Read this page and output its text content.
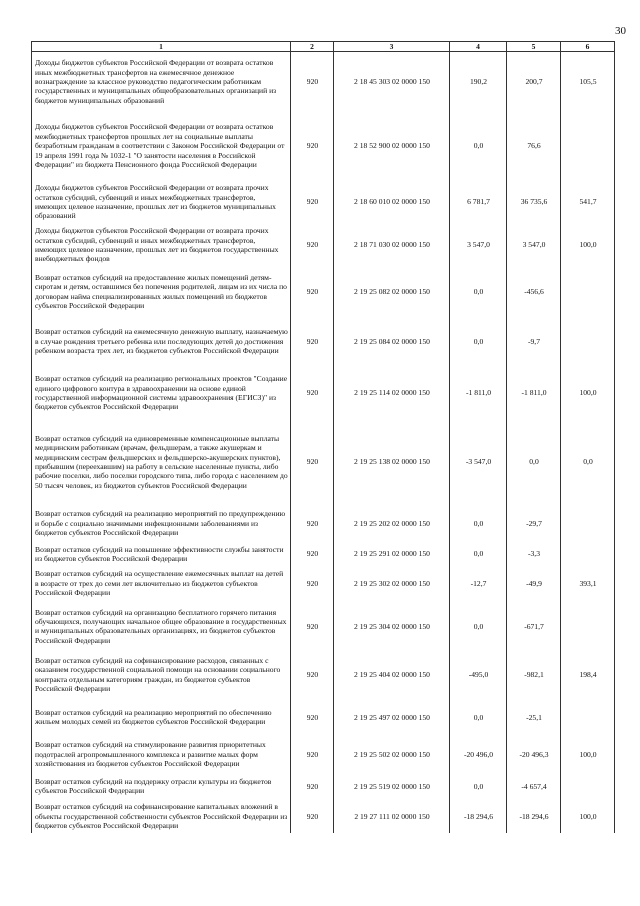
30
1	2	3	4	5	6
Доходы бюджетов субъектов Российской Федерации от возврата остатков иных межбюджетных трансфертов на ежемесячное денежное вознаграждение за классное руководство педагогическим работникам государственных и муниципальных общеобразовательных организаций из бюджетов муниципальных образований	920	2 18 45 303 02 0000 150	190,2	200,7	105,5
Доходы бюджетов субъектов Российской Федерации от возврата остатков межбюджетных трансфертов прошлых лет на социальные выплаты безработным гражданам в соответствии с Законом Российской Федерации от 19 апреля 1991 года № 1032-1 "О занятости населения в Российской Федерации" из бюджета Пенсионного фонда Российской Федерации	920	2 18 52 900 02 0000 150	0,0	76,6	
Доходы бюджетов субъектов Российской Федерации от возврата прочих остатков субсидий, субвенций и иных межбюджетных трансфертов, имеющих целевое назначение, прошлых лет из бюджетов муниципальных образований	920	2 18 60 010 02 0000 150	6 781,7	36 735,6	541,7
Доходы бюджетов субъектов Российской Федерации от возврата прочих остатков субсидий, субвенций и иных межбюджетных трансфертов, имеющих целевое назначение, прошлых лет из бюджетов государственных внебюджетных фондов	920	2 18 71 030 02 0000 150	3 547,0	3 547,0	100,0
Возврат остатков субсидий на предоставление жилых помещений детям-сиротам и детям, оставшимся без попечения родителей, лицам из их числа по договорам найма специализированных жилых помещений из бюджетов субъектов Российской Федерации	920	2 19 25 082 02 0000 150	0,0	-456,6	
Возврат остатков субсидий на ежемесячную денежную выплату, назначаемую в случае рождения третьего ребенка или последующих детей до достижения ребенком возраста трех лет, из бюджетов субъектов Российской Федерации	920	2 19 25 084 02 0000 150	0,0	-9,7	
Возврат остатков субсидий на реализацию региональных проектов "Создание единого цифрового контура в здравоохранении на основе единой государственной информационной системы здравоохранения (ЕГИСЗ)" из бюджетов субъектов Российской Федерации	920	2 19 25 114 02 0000 150	-1 811,0	-1 811,0	100,0
Возврат остатков субсидий на единовременные компенсационные выплаты медицинским работникам (врачам, фельдшерам, а также акушеркам и медицинским сестрам фельдшерских и фельдшерско-акушерских пунктов), прибывшим (переехавшим) на работу в сельские населенные пункты, либо рабочие поселки, либо поселки городского типа, либо города с населением до 50 тысяч человек, из бюджетов субъектов Российской Федерации	920	2 19 25 138 02 0000 150	-3 547,0	0,0	0,0
Возврат остатков субсидий на реализацию мероприятий по предупреждению и борьбе с социально значимыми инфекционными заболеваниями из бюджетов субъектов Российской Федерации	920	2 19 25 202 02 0000 150	0,0	-29,7	
Возврат остатков субсидий на повышение эффективности службы занятости из бюджетов субъектов Российской Федерации	920	2 19 25 291 02 0000 150	0,0	-3,3	
Возврат остатков субсидий на осуществление ежемесячных выплат на детей в возрасте от трех до семи лет включительно из бюджетов субъектов Российской Федерации	920	2 19 25 302 02 0000 150	-12,7	-49,9	393,1
Возврат остатков субсидий на организацию бесплатного горячего питания обучающихся, получающих начальное общее образование в государственных и муниципальных образовательных организациях, из бюджетов субъектов Российской Федерации	920	2 19 25 304 02 0000 150	0,0	-671,7	
Возврат остатков субсидий на софинансирование расходов, связанных с оказанием государственной социальной помощи на основании социального контракта отдельным категориям граждан, из бюджетов субъектов Российской Федерации	920	2 19 25 404 02 0000 150	-495,0	-982,1	198,4
Возврат остатков субсидий на реализацию мероприятий по обеспечению жильем молодых семей из бюджетов субъектов Российской Федерации	920	2 19 25 497 02 0000 150	0,0	-25,1	
Возврат остатков субсидий на стимулирование развития приоритетных подотраслей агропромышленного комплекса и развитие малых форм хозяйствования из бюджетов субъектов Российской Федерации	920	2 19 25 502 02 0000 150	-20 496,0	-20 496,3	100,0
Возврат остатков субсидий на поддержку отрасли культуры из бюджетов субъектов Российской Федерации	920	2 19 25 519 02 0000 150	0,0	-4 657,4	
Возврат остатков субсидий на софинансирование капитальных вложений в объекты государственной собственности субъектов Российской Федерации из бюджетов субъектов Российской Федерации	920	2 19 27 111 02 0000 150	-18 294,6	-18 294,6	100,0
